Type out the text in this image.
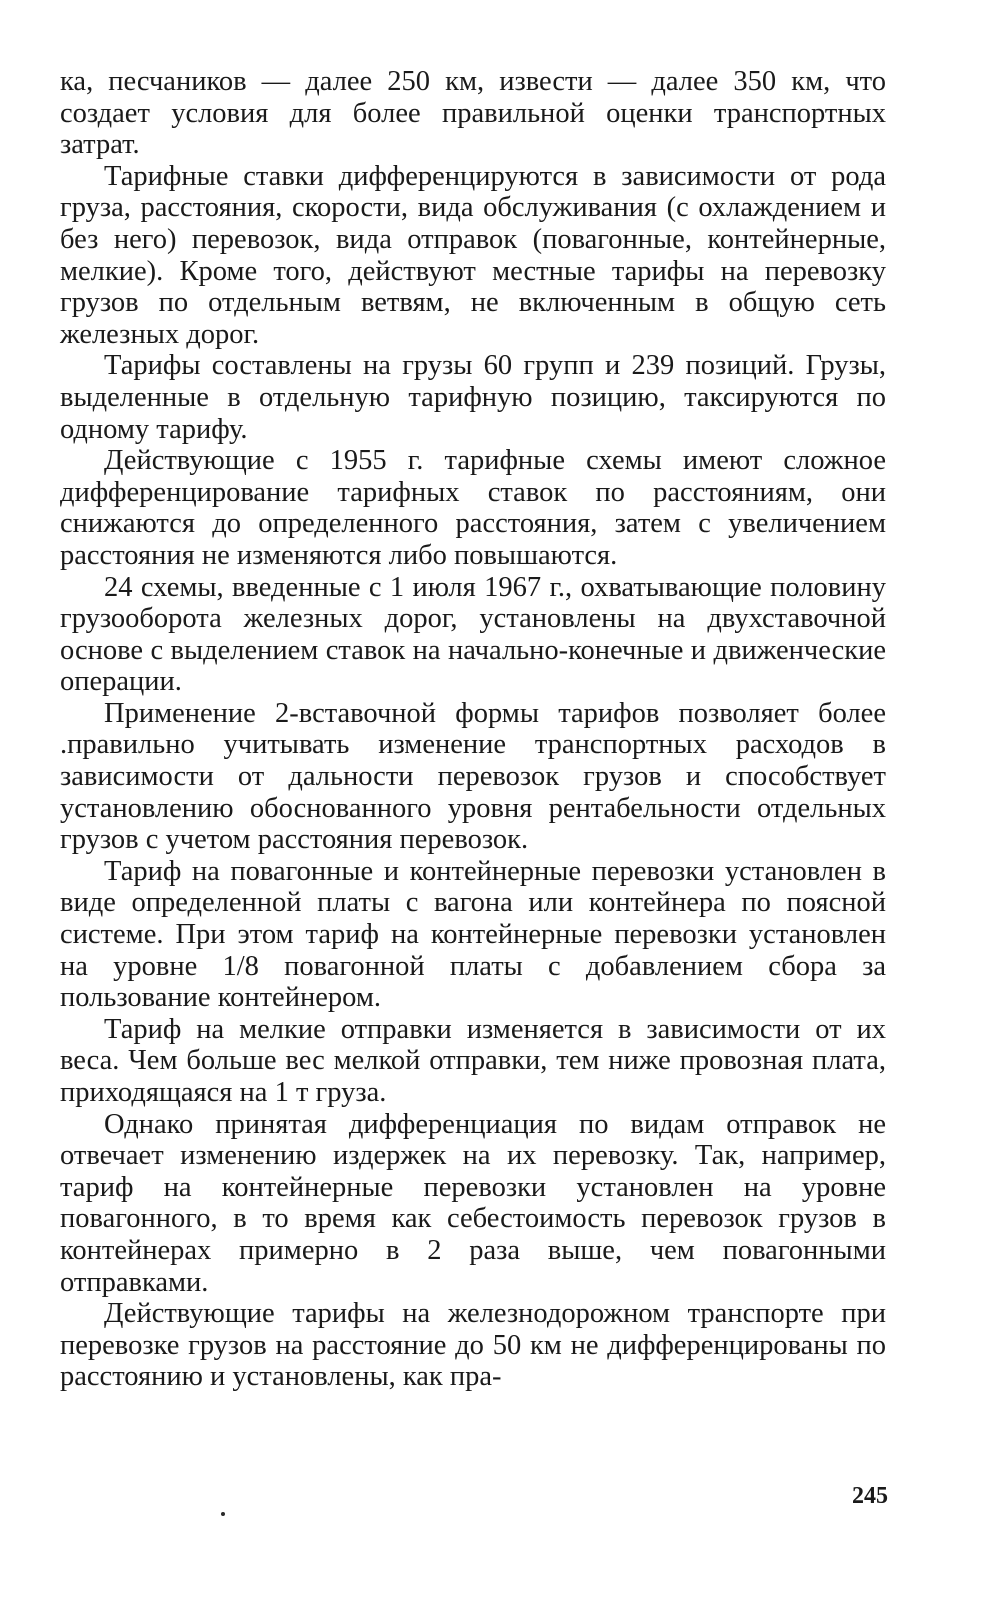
ка, песчаников — далее 250 км, извести — далее 350 км, что создает условия для более правильной оценки транспортных затрат.

Тарифные ставки дифференцируются в зависимости от рода груза, расстояния, скорости, вида обслуживания (с охлаждением и без него) перевозок, вида отправок (повагонные, контейнерные, мелкие). Кроме того, действуют местные тарифы на перевозку грузов по отдельным ветвям, не включенным в общую сеть железных дорог.

Тарифы составлены на грузы 60 групп и 239 позиций. Грузы, выделенные в отдельную тарифную позицию, таксируются по одному тарифу.

Действующие с 1955 г. тарифные схемы имеют сложное дифференцирование тарифных ставок по расстояниям, они снижаются до определенного расстояния, затем с увеличением расстояния не изменяются либо повышаются.

24 схемы, введенные с 1 июля 1967 г., охватывающие половину грузооборота железных дорог, установлены на двухставочной основе с выделением ставок на начально-конечные и движенческие операции.

Применение 2-вставочной формы тарифов позволяет более .правильно учитывать изменение транспортных расходов в зависимости от дальности перевозок грузов и способствует установлению обоснованного уровня рентабельности отдельных грузов с учетом расстояния перевозок.

Тариф на повагонные и контейнерные перевозки установлен в виде определенной платы с вагона или контейнера по поясной системе. При этом тариф на контейнерные перевозки установлен на уровне 1/8 повагонной платы с добавлением сбора за пользование контейнером.

Тариф на мелкие отправки изменяется в зависимости от их веса. Чем больше вес мелкой отправки, тем ниже провозная плата, приходящаяся на 1 т груза.

Однако принятая дифференциация по видам отправок не отвечает изменению издержек на их перевозку. Так, например, тариф на контейнерные перевозки установлен на уровне повагонного, в то время как себестоимость перевозок грузов в контейнерах примерно в 2 раза выше, чем повагонными отправками.

Действующие тарифы на железнодорожном транспорте при перевозке грузов на расстояние до 50 км не дифференцированы по расстоянию и установлены, как пра-

245
